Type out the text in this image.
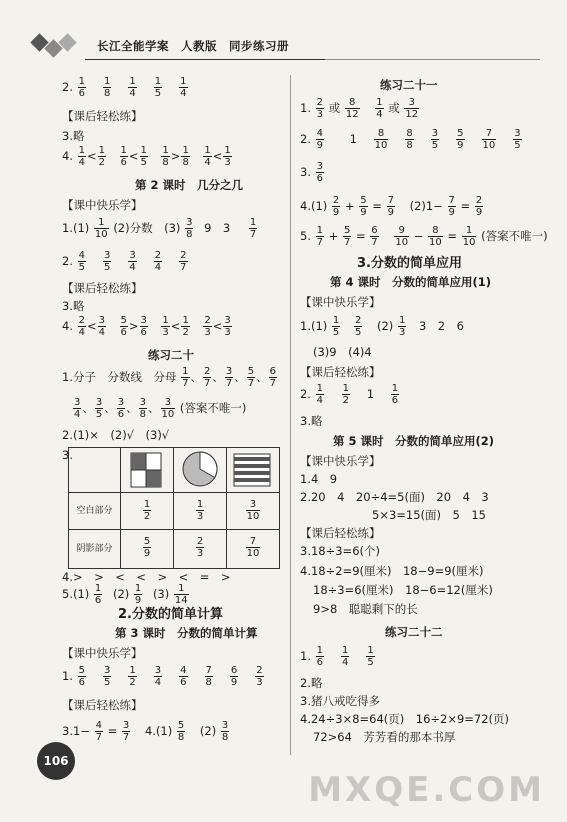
长江全能学案　人教版　同步练习册
2. $\frac{1}{6} \frac{1}{8} \frac{1}{4} \frac{1}{5} \frac{1}{4}$
【课后轻松练】
3.略
4. $\frac{1}{4} < \frac{1}{2}$
　 $\frac{1}{6} < \frac{1}{5}$
　 $\frac{1}{8} > \frac{1}{8}$
　 $\frac{1}{4} < \frac{1}{3}$

第 2 课时　几分之几
【课中快乐学】
$1.(1) \frac{1}{10} (2)$分数　$(3) \frac{3}{8} 9$　$3 \frac{1}{7}$
2. $\frac{4}{5} \frac{3}{5} \frac{3}{4} \frac{2}{4} \frac{2}{7}$
【课后轻松练】
3.略
4. $\frac{2}{4} < \frac{3}{4}$
　 $\frac{5}{6} > \frac{3}{6}$
　 $\frac{1}{3} < \frac{1}{2}$
　 $\frac{2}{3} < \frac{3}{3}$

练习二十
1.分子　分数线　分母 $\frac{1}{7}$ 、 $\frac{2}{7}$ 、 $\frac{3}{7}$ 、 $\frac{5}{7}$ 、 $\frac{6}{7}$
$\frac{3}{4}$ 、 $\frac{3}{5}$ 、 $\frac{3}{6}$ 、 $\frac{3}{8}$ 、 $\frac{3}{10}$ (答案不唯一)
2.(1)×　(2)√　(3)√
3.
空白部分	$\frac{1}{2}$	$\frac{1}{3}$	$\frac{3}{10}$
阴影部分	$\frac{5}{9}$	$\frac{2}{3}$	$\frac{7}{10}$
4.>　>　<　<　>　<　=　>
$5.(1) \frac{1}{6} (2) \frac{1}{9} (3) \frac{1}{14}$
2.分数的简单计算
第 3 课时　分数的简单计算
【课中快乐学】
1. $\frac{5}{6} \frac{3}{5} \frac{1}{2} \frac{3}{4} \frac{4}{6} \frac{7}{8} \frac{6}{9} \frac{2}{3}$
【课后轻松练】
$3.1- \frac{4}{7} = \frac{3}{7} 4.(1) \frac{5}{8} (2) \frac{3}{8}$
练习二十一
1. $\frac{2}{3}$ 或 $\frac{8}{12}$
$\frac{1}{4}$ 或 $\frac{3}{12}$
2. $\frac{4}{9} 1 \frac{8}{10} \frac{8}{8} \frac{3}{5} \frac{5}{9} \frac{7}{10} \frac{3}{5}$
3. $\frac{3}{6}$
$4.(1) \frac{2}{9} + \frac{5}{9} = \frac{7}{9} (2)1- \frac{7}{9} = \frac{2}{9}$
5. $\frac{1}{7} + \frac{5}{7} = \frac{6}{7}$
$\frac{9}{10} - \frac{8}{10} = \frac{1}{10}$ (答案不唯一)
3.分数的简单应用
第 4 课时　分数的简单应用(1)
【课中快乐学】
$1.(1) \frac{1}{5}$
$\frac{2}{5} (2) \frac{1}{3} 3$　2　6
(3)9　(4)4
【课后轻松练】
2. $\frac{1}{4}$
$\frac{1}{2} 1 \frac{1}{6}$
3.略
第 5 课时　分数的简单应用(2)
【课中快乐学】
1.4　9
2.20　4　20÷4=5(面)　20　4　3
5×3=15(面)　5　15
【课后轻松练】
3.18÷3=6(个)
4.18÷2=9(厘米)　18−9=9(厘米)
18÷3=6(厘米)　18−6=12(厘米)
9>8　聪聪剩下的长
练习二十二
1. $\frac{1}{6} \frac{1}{4} \frac{1}{5}$
2.略
3.猪八戒吃得多
4.24÷3×8=64(页)　16÷2×9=72(页)
72>64　芳芳看的那本书厚
106
MXQE.COM
